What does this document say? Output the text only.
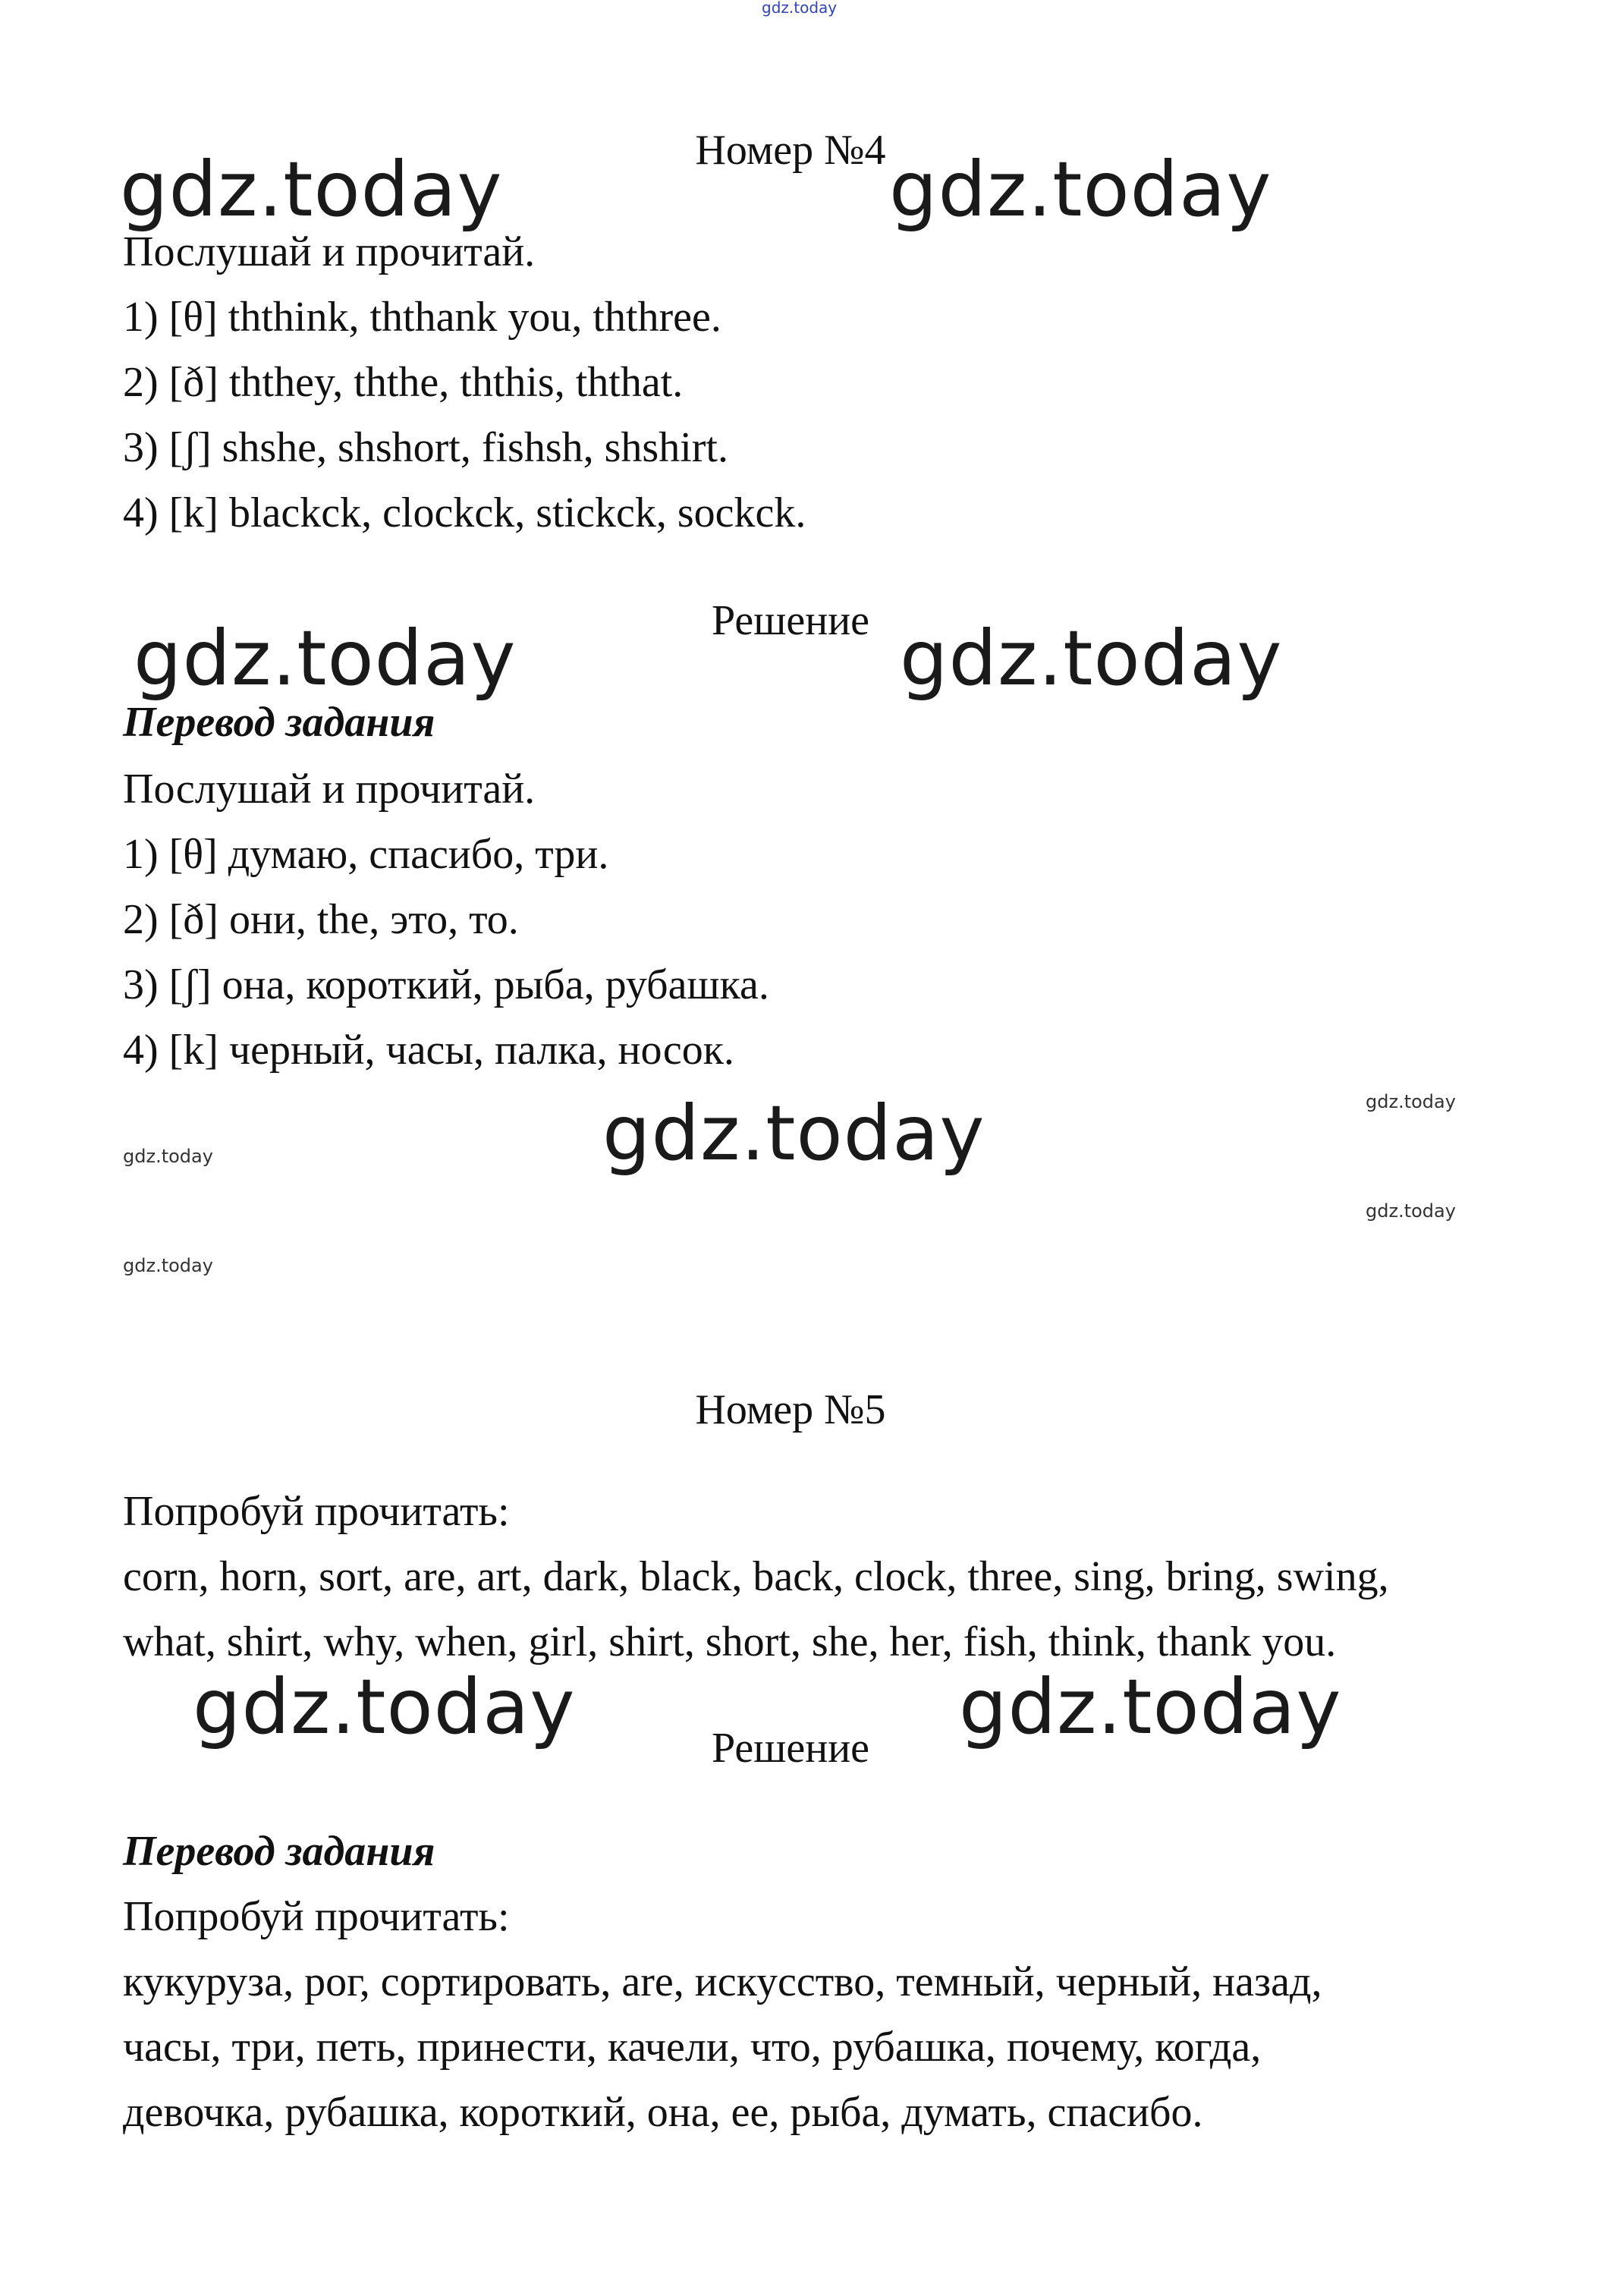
gdz.today
Номер №4
gdz.today	gdz.today
Послушай и прочитай.
1) [θ] ththink, ththank you, ththree.
2) [ð] ththey, ththe, ththis, ththat.
3) [ʃ] shshe, shshort, fishsh, shshirt.
4) [k] blackck, clockck, stickck, sockck.
Решение
gdz.today	gdz.today
Перевод задания
Послушай и прочитай.
1) [θ] думаю, спасибо, три.
2) [ð] они, the, это, то.
3) [ʃ] она, короткий, рыба, рубашка.
4) [k] черный, часы, палка, носок.
gdz.today
gdz.today
gdz.today
gdz.today
gdz.today
Номер №5
Попробуй прочитать:
corn, horn, sort, are, art, dark, black, back, clock, three, sing, bring, swing,
what, shirt, why, when, girl, shirt, short, she, her, fish, think, thank you.
gdz.today	gdz.today
Решение
Перевод задания
Попробуй прочитать:
кукуруза, рог, сортировать, are, искусство, темный, черный, назад,
часы, три, петь, принести, качели, что, рубашка, почему, когда,
девочка, рубашка, короткий, она, ее, рыба, думать, спасибо.
